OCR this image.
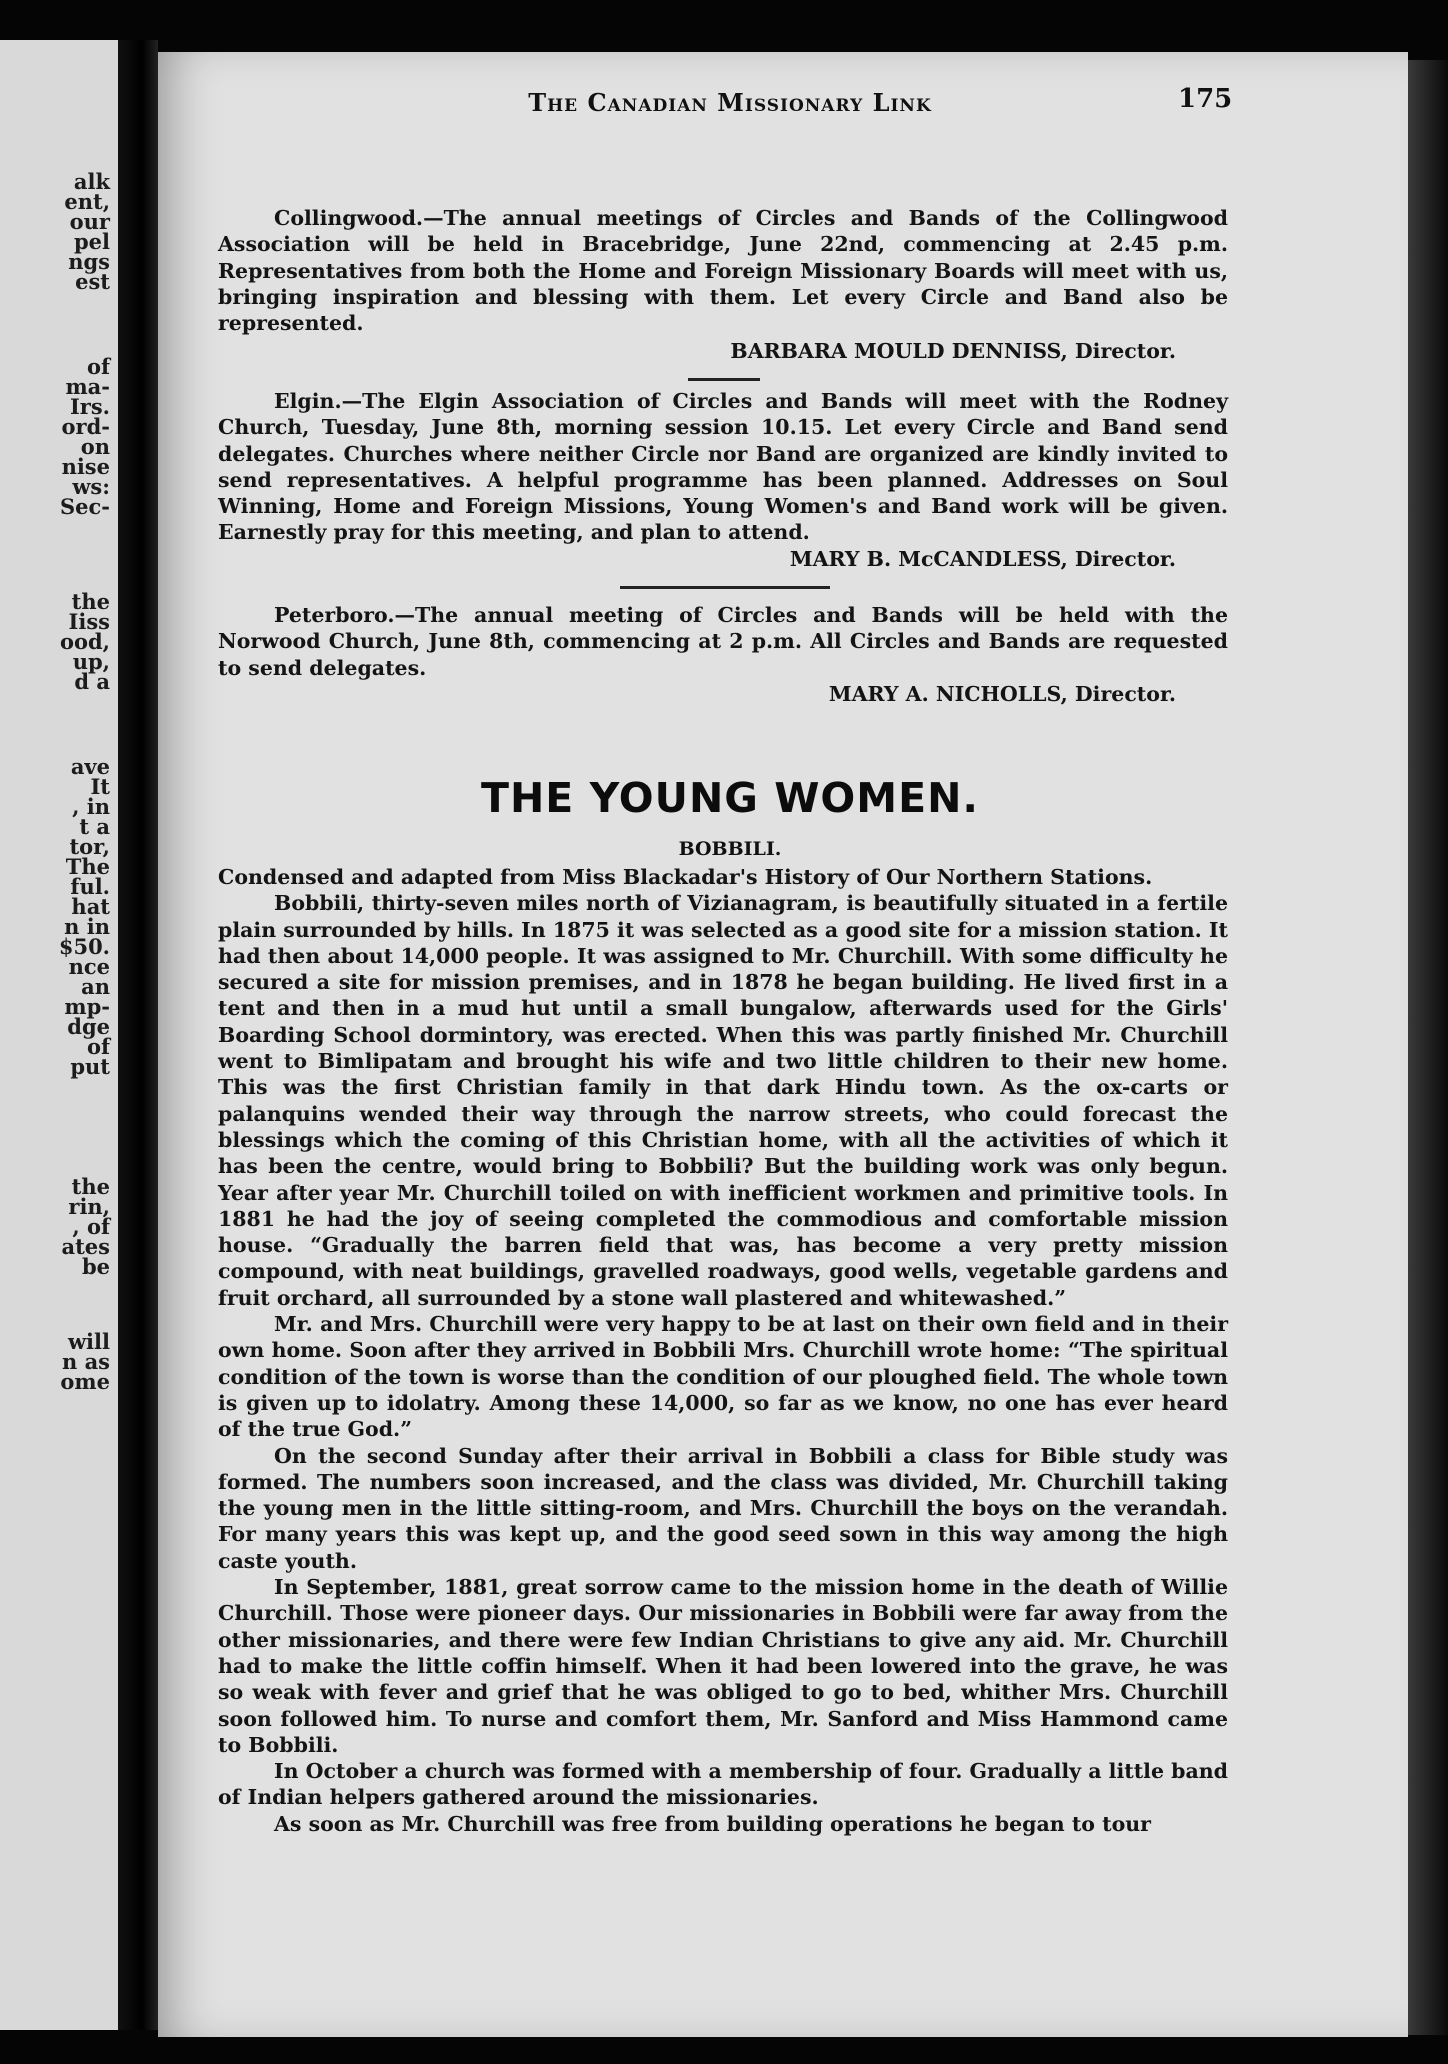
alk
ent,
our
pel
ngs
est
of
ma-
Irs.
ord-
on
nise
ws:
Sec-
the
Iiss
ood,
up,
d a
ave
It
, in
t a
tor,
The
ful.
hat
n in
$50.
nce
an
mp-
dge
of
put
the
rin,
, of
ates
be
will
n as
ome
The Canadian Missionary Link	175

Collingwood.—The annual meetings of Circles and Bands of the Collingwood Association will be held in Bracebridge, June 22nd, commencing at 2.45 p.m. Representatives from both the Home and Foreign Missionary Boards will meet with us, bringing inspiration and blessing with them. Let every Circle and Band also be represented.

BARBARA MOULD DENNISS, Director.

Elgin.—The Elgin Association of Circles and Bands will meet with the Rodney Church, Tuesday, June 8th, morning session 10.15. Let every Circle and Band send delegates. Churches where neither Circle nor Band are organized are kindly invited to send representatives. A helpful programme has been planned. Addresses on Soul Winning, Home and Foreign Missions, Young Women's and Band work will be given. Earnestly pray for this meeting, and plan to attend.

MARY B. McCANDLESS, Director.

Peterboro.—The annual meeting of Circles and Bands will be held with the Norwood Church, June 8th, commencing at 2 p.m. All Circles and Bands are requested to send delegates.

MARY A. NICHOLLS, Director.

THE YOUNG WOMEN.
BOBBILI.

Condensed and adapted from Miss Blackadar's History of Our Northern Stations.

Bobbili, thirty-seven miles north of Vizianagram, is beautifully situated in a fertile plain surrounded by hills. In 1875 it was selected as a good site for a mission station. It had then about 14,000 people. It was assigned to Mr. Churchill. With some difficulty he secured a site for mission premises, and in 1878 he began building. He lived first in a tent and then in a mud hut until a small bungalow, afterwards used for the Girls' Boarding School dormintory, was erected. When this was partly finished Mr. Churchill went to Bimlipatam and brought his wife and two little children to their new home. This was the first Christian family in that dark Hindu town. As the ox-carts or palanquins wended their way through the narrow streets, who could forecast the blessings which the coming of this Christian home, with all the activities of which it has been the centre, would bring to Bobbili? But the building work was only begun. Year after year Mr. Churchill toiled on with inefficient workmen and primitive tools. In 1881 he had the joy of seeing completed the commodious and comfortable mission house. “Gradually the barren field that was, has become a very pretty mission compound, with neat buildings, gravelled roadways, good wells, vegetable gardens and fruit orchard, all surrounded by a stone wall plastered and whitewashed.”

Mr. and Mrs. Churchill were very happy to be at last on their own field and in their own home. Soon after they arrived in Bobbili Mrs. Churchill wrote home: “The spiritual condition of the town is worse than the condition of our ploughed field. The whole town is given up to idolatry. Among these 14,000, so far as we know, no one has ever heard of the true God.”

On the second Sunday after their arrival in Bobbili a class for Bible study was formed. The numbers soon increased, and the class was divided, Mr. Churchill taking the young men in the little sitting-room, and Mrs. Churchill the boys on the verandah. For many years this was kept up, and the good seed sown in this way among the high caste youth.

In September, 1881, great sorrow came to the mission home in the death of Willie Churchill. Those were pioneer days. Our missionaries in Bobbili were far away from the other missionaries, and there were few Indian Christians to give any aid. Mr. Churchill had to make the little coffin himself. When it had been lowered into the grave, he was so weak with fever and grief that he was obliged to go to bed, whither Mrs. Churchill soon followed him. To nurse and comfort them, Mr. Sanford and Miss Hammond came to Bobbili.

In October a church was formed with a membership of four. Gradually a little band of Indian helpers gathered around the missionaries.

As soon as Mr. Churchill was free from building operations he began to tour
